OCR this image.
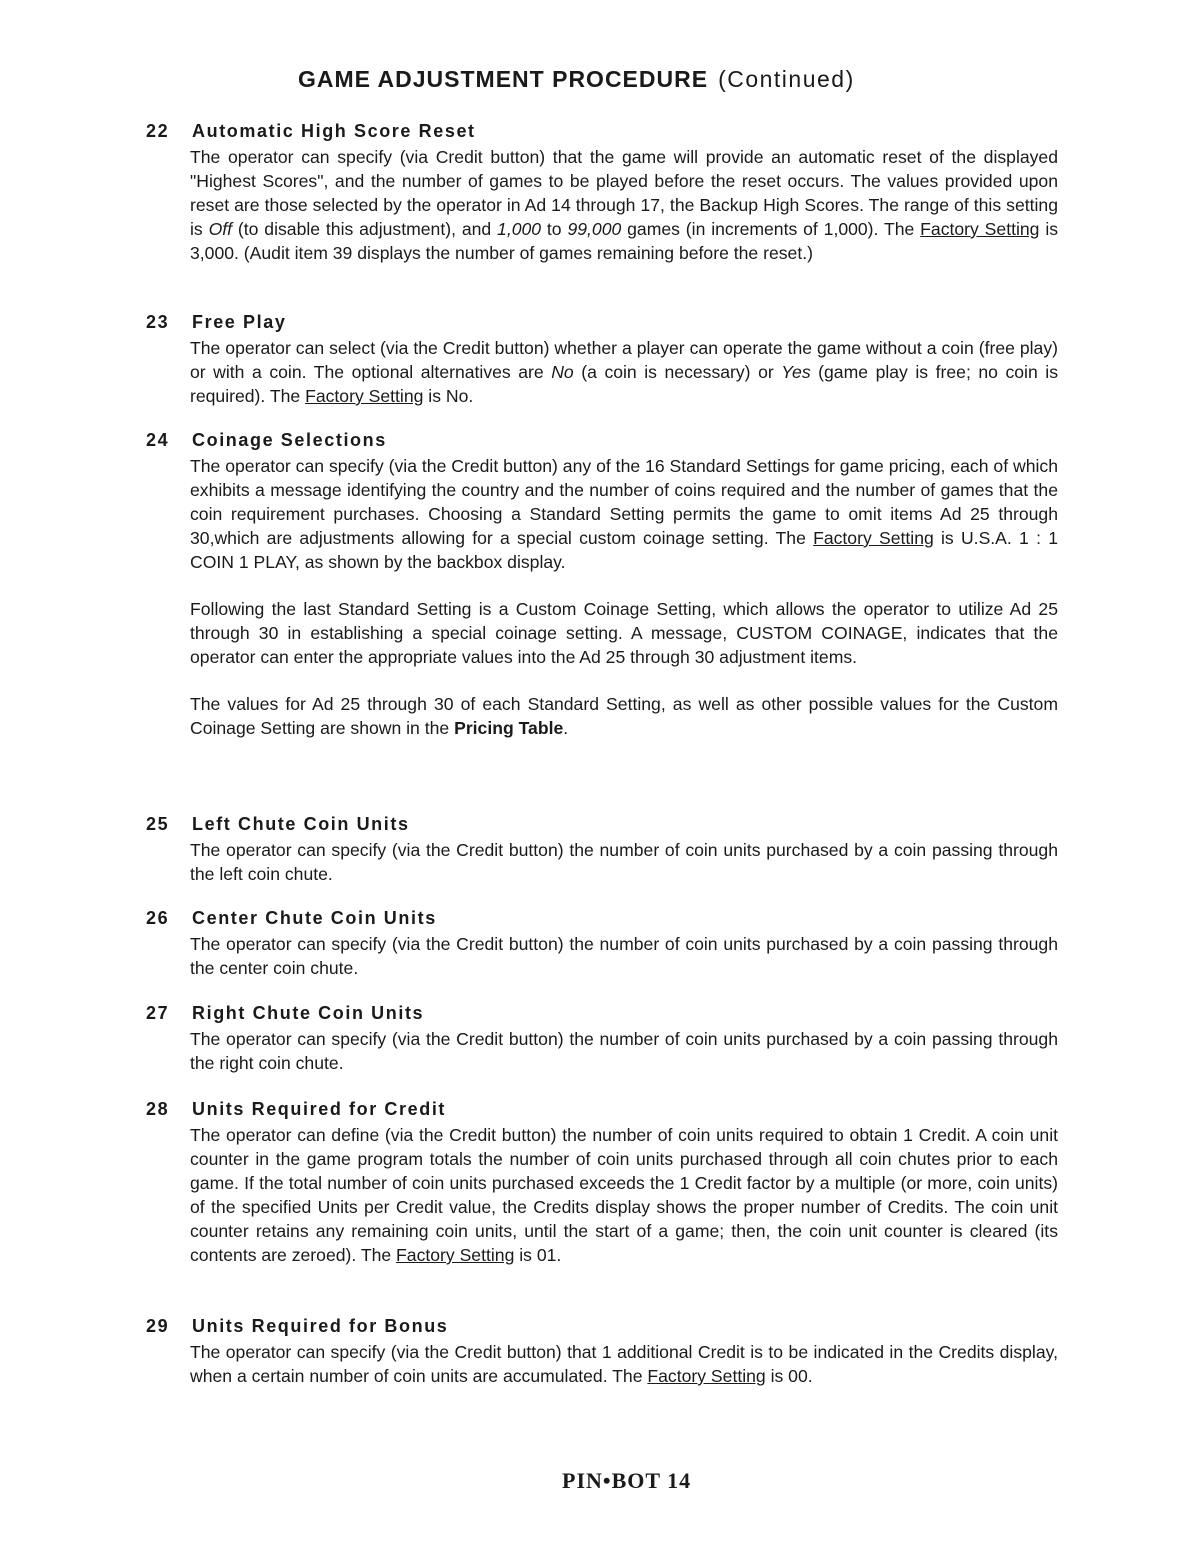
GAME ADJUSTMENT PROCEDURE (Continued)
22	Automatic High Score Reset

The operator can specify (via Credit button) that the game will provide an automatic reset of the displayed "Highest Scores", and the number of games to be played before the reset occurs. The values provided upon reset are those selected by the operator in Ad 14 through 17, the Backup High Scores. The range of this setting is Off (to disable this adjustment), and 1,000 to 99,000 games (in increments of 1,000). The Factory Setting is 3,000. (Audit item 39 displays the number of games remaining before the reset.)

23	Free Play

The operator can select (via the Credit button) whether a player can operate the game without a coin (free play) or with a coin. The optional alternatives are No (a coin is necessary) or Yes (game play is free; no coin is required). The Factory Setting is No.

24	Coinage Selections

The operator can specify (via the Credit button) any of the 16 Standard Settings for game pricing, each of which exhibits a message identifying the country and the number of coins required and the number of games that the coin requirement purchases. Choosing a Standard Setting permits the game to omit items Ad 25 through 30,which are adjustments allowing for a special custom coinage setting. The Factory Setting is U.S.A. 1 : 1 COIN 1 PLAY, as shown by the backbox display.

Following the last Standard Setting is a Custom Coinage Setting, which allows the operator to utilize Ad 25 through 30 in establishing a special coinage setting. A message, CUSTOM COINAGE, indicates that the operator can enter the appropriate values into the Ad 25 through 30 adjustment items.

The values for Ad 25 through 30 of each Standard Setting, as well as other possible values for the Custom Coinage Setting are shown in the Pricing Table.

25	Left Chute Coin Units

The operator can specify (via the Credit button) the number of coin units purchased by a coin passing through the left coin chute.

26	Center Chute Coin Units

The operator can specify (via the Credit button) the number of coin units purchased by a coin passing through the center coin chute.

27	Right Chute Coin Units

The operator can specify (via the Credit button) the number of coin units purchased by a coin passing through the right coin chute.

28	Units Required for Credit

The operator can define (via the Credit button) the number of coin units required to obtain 1 Credit. A coin unit counter in the game program totals the number of coin units purchased through all coin chutes prior to each game. If the total number of coin units purchased exceeds the 1 Credit factor by a multiple (or more, coin units) of the specified Units per Credit value, the Credits display shows the proper number of Credits. The coin unit counter retains any remaining coin units, until the start of a game; then, the coin unit counter is cleared (its contents are zeroed). The Factory Setting is 01.

29	Units Required for Bonus

The operator can specify (via the Credit button) that 1 additional Credit is to be indicated in the Credits display, when a certain number of coin units are accumulated. The Factory Setting is 00.

PIN•BOT 14
